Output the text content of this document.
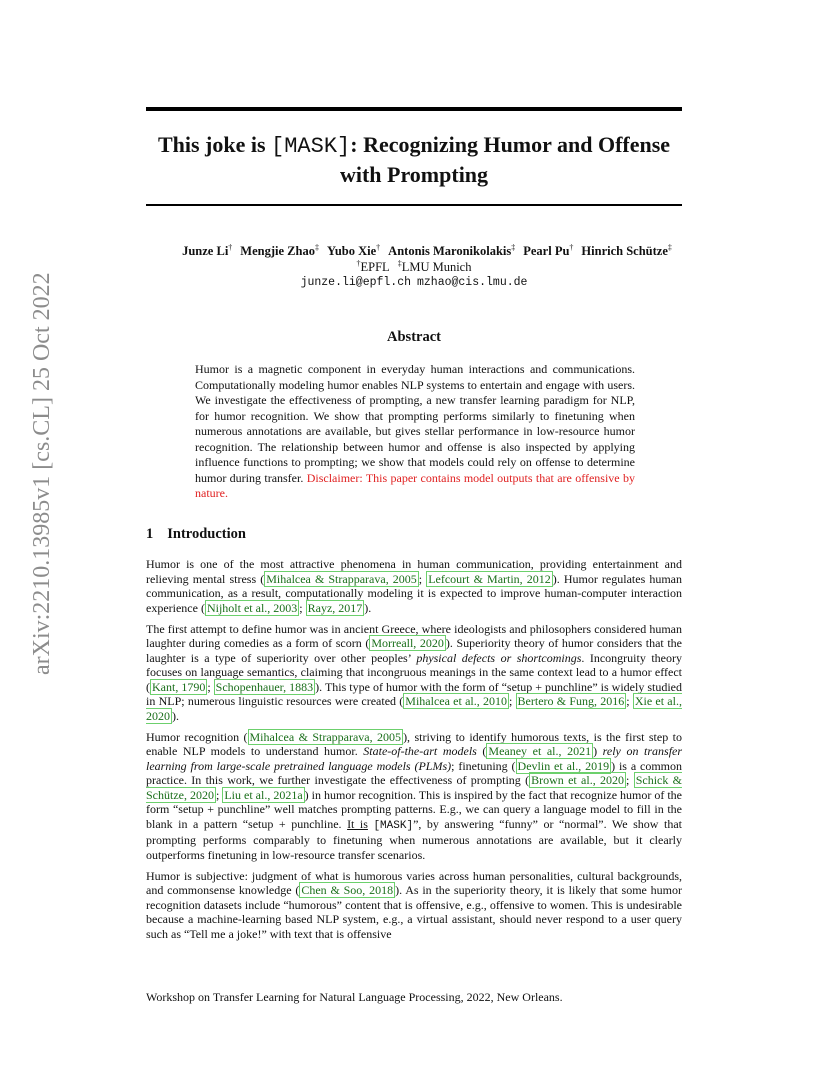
arXiv:2210.13985v1 [cs.CL] 25 Oct 2022
This joke is [MASK]: Recognizing Humor and Offense
with Prompting
Junze Li† Mengjie Zhao‡ Yubo Xie† Antonis Maronikolakis‡ Pearl Pu† Hinrich Schütze‡
†EPFL ‡LMU Munich
junze.li@epfl.ch mzhao@cis.lmu.de
Abstract
Humor is a magnetic component in everyday human interactions and communications. Computationally modeling humor enables NLP systems to entertain and engage with users. We investigate the effectiveness of prompting, a new transfer learning paradigm for NLP, for humor recognition. We show that prompting performs similarly to finetuning when numerous annotations are available, but gives stellar performance in low-resource humor recognition. The relationship between humor and offense is also inspected by applying influence functions to prompting; we show that models could rely on offense to determine humor during transfer. Disclaimer: This paper contains model outputs that are offensive by nature.
1 Introduction

Humor is one of the most attractive phenomena in human communication, providing entertainment and relieving mental stress ( Mihalcea & Strapparava, 2005 ; Lefcourt & Martin, 2012 ). Humor regulates human communication, as a result, computationally modeling it is expected to improve human-computer interaction experience ( Nijholt et al., 2003 ; Rayz, 2017 ).

The first attempt to define humor was in ancient Greece, where ideologists and philosophers considered human laughter during comedies as a form of scorn ( Morreall, 2020 ). Superiority theory of humor considers that the laughter is a type of superiority over other peoples’ physical defects or shortcomings. Incongruity theory focuses on language semantics, claiming that incongruous meanings in the same context lead to a humor effect ( Kant, 1790 ; Schopenhauer, 1883 ). This type of humor with the form of “setup + punchline” is widely studied in NLP; numerous linguistic resources were created ( Mihalcea et al., 2010 ; Bertero & Fung, 2016 ; Xie et al., 2020 ).

Humor recognition ( Mihalcea & Strapparava, 2005 ), striving to identify humorous texts, is the first step to enable NLP models to understand humor. State-of-the-art models ( Meaney et al., 2021 ) rely on transfer learning from large-scale pretrained language models (PLMs); finetuning ( Devlin et al., 2019 ) is a common practice. In this work, we further investigate the effectiveness of prompting ( Brown et al., 2020 ; Schick & Schütze, 2020 ; Liu et al., 2021a ) in humor recognition. This is inspired by the fact that recognize humor of the form “setup + punchline” well matches prompting patterns. E.g., we can query a language model to fill in the blank in a pattern “setup + punchline. It is [MASK]”, by answering “funny” or “normal”. We show that prompting performs comparably to finetuning when numerous annotations are available, but it clearly outperforms finetuning in low-resource transfer scenarios.

Humor is subjective: judgment of what is humorous varies across human personalities, cultural backgrounds, and commonsense knowledge ( Chen & Soo, 2018 ). As in the superiority theory, it is likely that some humor recognition datasets include “humorous” content that is offensive, e.g., offensive to women. This is undesirable because a machine-learning based NLP system, e.g., a virtual assistant, should never respond to a user query such as “Tell me a joke!” with text that is offensive

Workshop on Transfer Learning for Natural Language Processing, 2022, New Orleans.
